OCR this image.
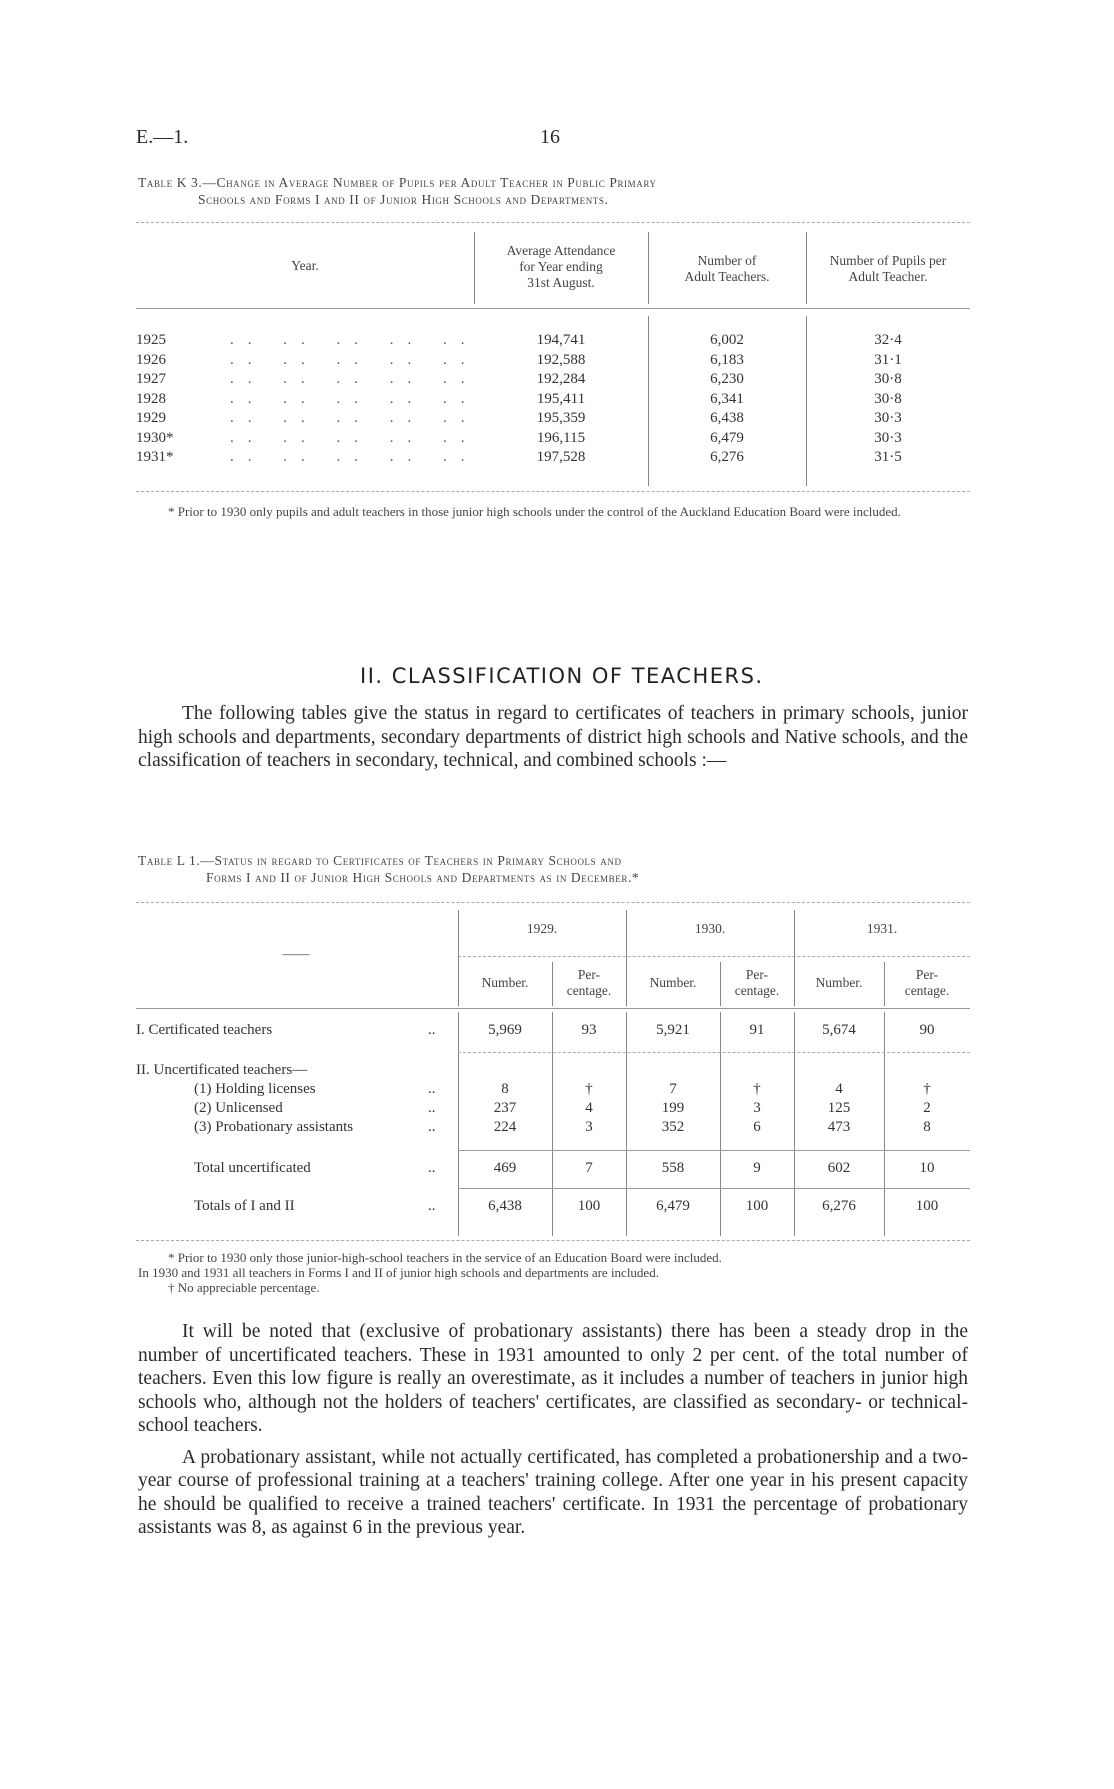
E.—1.	16
Table K 3.—Change in Average Number of Pupils per Adult Teacher in Public Primary
Schools and Forms I and II of Junior High Schools and Departments.
Year.
Average Attendance
for Year ending
31st August.
Number of
Adult Teachers.
Number of Pupils per
Adult Teacher.
1925	.. .. .. .. ..	194,741	6,002	32·4
1926	.. .. .. .. ..	192,588	6,183	31·1
1927	.. .. .. .. ..	192,284	6,230	30·8
1928	.. .. .. .. ..	195,411	6,341	30·8
1929	.. .. .. .. ..	195,359	6,438	30·3
1930*	.. .. .. .. ..	196,115	6,479	30·3
1931*	.. .. .. .. ..	197,528	6,276	31·5
* Prior to 1930 only pupils and adult teachers in those junior high schools under the control of the Auckland Education Board were included.
II. CLASSIFICATION OF TEACHERS.

The following tables give the status in regard to certificates of teachers in primary schools, junior high schools and departments, secondary departments of district high schools and Native schools, and the classification of teachers in secondary, technical, and combined schools :—

Table L 1.—Status in regard to Certificates of Teachers in Primary Schools and
Forms I and II of Junior High Schools and Departments as in December.*
——
1929.	1930.	1931.
Number.
Per-
centage.
Number.
Per-
centage.
Number.
Per-
centage.
I. Certificated teachers	..	5,969	93	5,921	91	5,674	90
II. Uncertificated teachers—
(1) Holding licenses	..	8	†	7	†	4	†
(2) Unlicensed	..	237	4	199	3	125	2
(3) Probationary assistants	..	224	3	352	6	473	8
Total uncertificated	..	469	7	558	9	602	10
Totals of I and II	..	6,438	100	6,479	100	6,276	100
* Prior to 1930 only those junior-high-school teachers in the service of an Education Board were included.
In 1930 and 1931 all teachers in Forms I and II of junior high schools and departments are included.
† No appreciable percentage.

It will be noted that (exclusive of probationary assistants) there has been a steady drop in the number of uncertificated teachers. These in 1931 amounted to only 2 per cent. of the total number of teachers. Even this low figure is really an overestimate, as it includes a number of teachers in junior high schools who, although not the holders of teachers' certificates, are classified as secondary- or technical-school teachers.

A probationary assistant, while not actually certificated, has completed a probationership and a two-year course of professional training at a teachers' training college. After one year in his present capacity he should be qualified to receive a trained teachers' certificate. In 1931 the percentage of probationary assistants was 8, as against 6 in the previous year.
